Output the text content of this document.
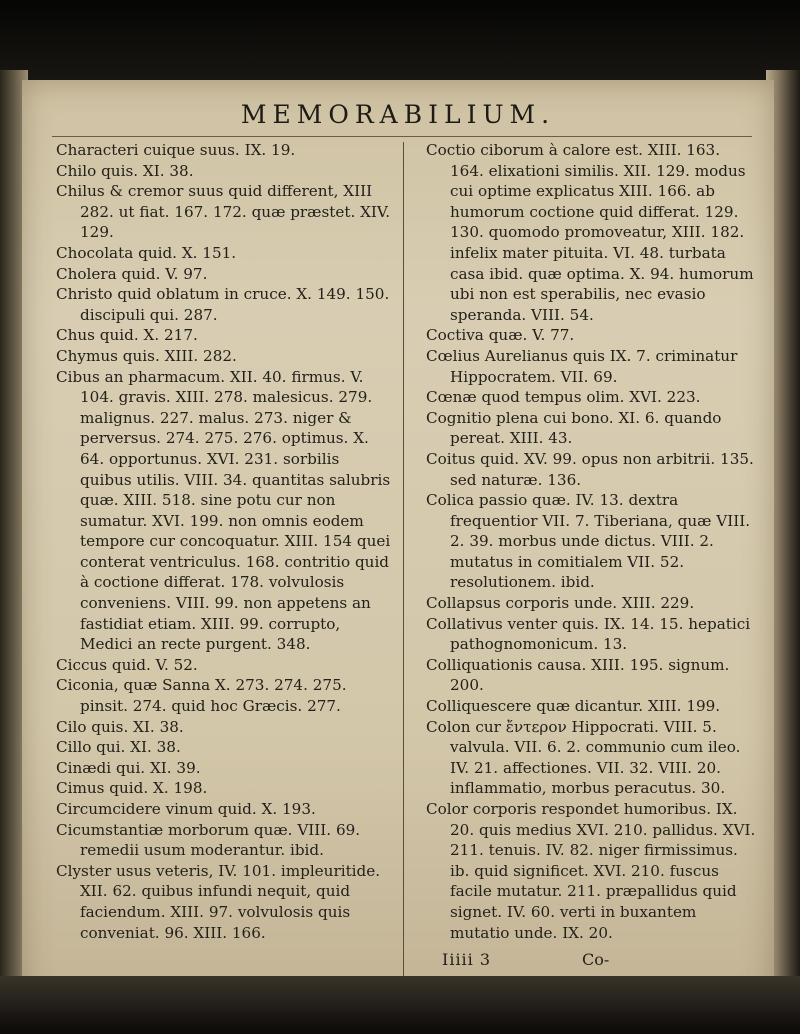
MEMORABILIUM.

Characteri cuique suus. IX. 19.

Chilo quis. XI. 38.

Chilus & cremor suus quid different, XIII 282. ut fiat. 167. 172. quæ præstet. XIV. 129.

Chocolata quid. X. 151.

Cholera quid. V. 97.

Christo quid oblatum in cruce. X. 149. 150. discipuli qui. 287.

Chus quid. X. 217.

Chymus quis. XIII. 282.

Cibus an pharmacum. XII. 40. firmus. V. 104. gravis. XIII. 278. malesicus. 279. malignus. 227. malus. 273. niger & perversus. 274. 275. 276. optimus. X. 64. opportunus. XVI. 231. sorbilis quibus utilis. VIII. 34. quantitas salubris quæ. XIII. 518. sine potu cur non sumatur. XVI. 199. non omnis eodem tempore cur concoquatur. XIII. 154 quei conterat ventriculus. 168. contritio quid à coctione differat. 178. volvulosis conveniens. VIII. 99. non appetens an fastidiat etiam. XIII. 99. corrupto, Medici an recte purgent. 348.

Ciccus quid. V. 52.

Ciconia, quæ Sanna X. 273. 274. 275. pinsit. 274. quid hoc Græcis. 277.

Cilo quis. XI. 38.

Cillo qui. XI. 38.

Cinædi qui. XI. 39.

Cimus quid. X. 198.

Circumcidere vinum quid. X. 193.

Cicumstantiæ morborum quæ. VIII. 69. remedii usum moderantur. ibid.

Clyster usus veteris, IV. 101. impleuritide. XII. 62. quibus infundi nequit, quid faciendum. XIII. 97. volvulosis quis conveniat. 96. XIII. 166.

Coctio ciborum à calore est. XIII. 163. 164. elixationi similis. XII. 129. modus cui optime explicatus XIII. 166. ab humorum coctione quid differat. 129. 130. quomodo promoveatur, XIII. 182. infelix mater pituita. VI. 48. turbata casa ibid. quæ optima. X. 94. humorum ubi non est sperabilis, nec evasio speranda. VIII. 54.

Coctiva quæ. V. 77.

Cœlius Aurelianus quis IX. 7. criminatur Hippocratem. VII. 69.

Cœnæ quod tempus olim. XVI. 223.

Cognitio plena cui bono. XI. 6. quando pereat. XIII. 43.

Coitus quid. XV. 99. opus non arbitrii. 135. sed naturæ. 136.

Colica passio quæ. IV. 13. dextra frequentior VII. 7. Tiberiana, quæ VIII. 2. 39. morbus unde dictus. VIII. 2. mutatus in comitialem VII. 52. resolutionem. ibid.

Collapsus corporis unde. XIII. 229.

Collativus venter quis. IX. 14. 15. hepatici pathognomonicum. 13.

Colliquationis causa. XIII. 195. signum. 200.

Colliquescere quæ dicantur. XIII. 199.

Colon cur ἔντερον Hippocrati. VIII. 5. valvula. VII. 6. 2. communio cum ileo. IV. 21. affectiones. VII. 32. VIII. 20. inflammatio, morbus peracutus. 30.

Color corporis respondet humoribus. IX. 20. quis medius XVI. 210. pallidus. XVI. 211. tenuis. IV. 82. niger firmissimus. ib. quid significet. XVI. 210. fuscus facile mutatur. 211. præpallidus quid signet. IV. 60. verti in buxantem mutatio unde. IX. 20.

Iiiii 3	Co-
